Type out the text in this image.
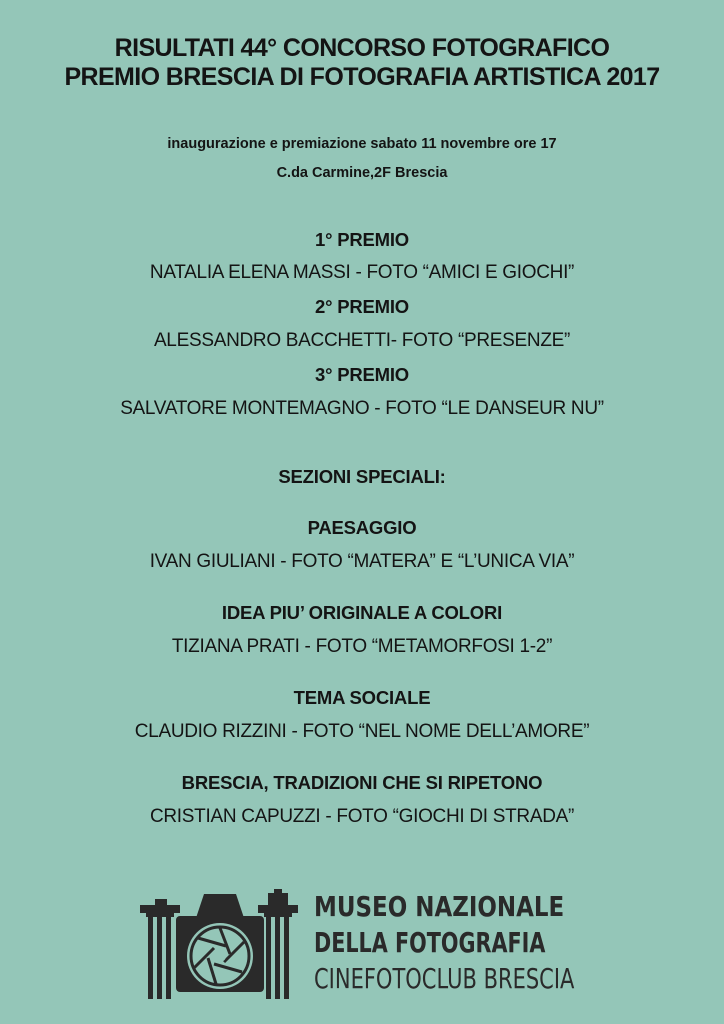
RISULTATI 44° CONCORSO FOTOGRAFICO
PREMIO BRESCIA DI FOTOGRAFIA ARTISTICA 2017
inaugurazione e premiazione sabato 11 novembre ore 17
C.da Carmine,2F Brescia
1° PREMIO
NATALIA ELENA MASSI - FOTO “AMICI E GIOCHI”
2° PREMIO
ALESSANDRO BACCHETTI- FOTO “PRESENZE”
3° PREMIO
SALVATORE MONTEMAGNO - FOTO “LE DANSEUR NU”
SEZIONI SPECIALI:
PAESAGGIO
IVAN GIULIANI - FOTO “MATERA” E “L’UNICA VIA”
IDEA PIU’ ORIGINALE A COLORI
TIZIANA PRATI - FOTO “METAMORFOSI 1-2”
TEMA SOCIALE
CLAUDIO RIZZINI - FOTO “NEL NOME DELL’AMORE”
BRESCIA, TRADIZIONI CHE SI RIPETONO
CRISTIAN CAPUZZI - FOTO “GIOCHI DI STRADA”
MUSEO NAZIONALE
DELLA FOTOGRAFIA
CINEFOTOCLUB BRESCIA
